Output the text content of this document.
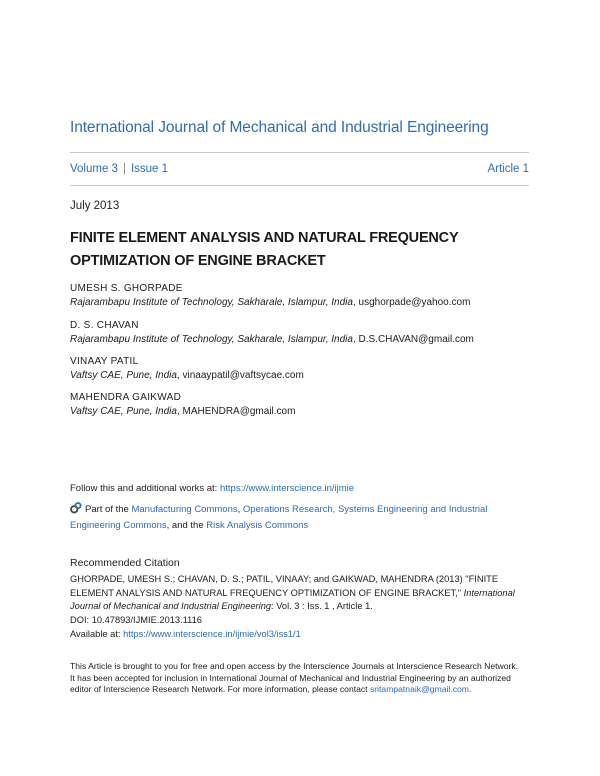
International Journal of Mechanical and Industrial Engineering
Volume 3 | Issue 1	Article 1
July 2013
FINITE ELEMENT ANALYSIS AND NATURAL FREQUENCY OPTIMIZATION OF ENGINE BRACKET
UMESH S. GHORPADE
Rajarambapu Institute of Technology, Sakharale, Islampur, India, usghorpade@yahoo.com
D. S. CHAVAN
Rajarambapu Institute of Technology, Sakharale, Islampur, India, D.S.CHAVAN@gmail.com
VINAAY PATIL
Vaftsy CAE, Pune, India, vinaaypatil@vaftsycae.com
MAHENDRA GAIKWAD
Vaftsy CAE, Pune, India, MAHENDRA@gmail.com
Follow this and additional works at: https://www.interscience.in/ijmie
Part of the Manufacturing Commons, Operations Research, Systems Engineering and Industrial Engineering Commons, and the Risk Analysis Commons
Recommended Citation
GHORPADE, UMESH S.; CHAVAN, D. S.; PATIL, VINAAY; and GAIKWAD, MAHENDRA (2013) "FINITE ELEMENT ANALYSIS AND NATURAL FREQUENCY OPTIMIZATION OF ENGINE BRACKET," International Journal of Mechanical and Industrial Engineering: Vol. 3 : Iss. 1 , Article 1.
DOI: 10.47893/IJMIE.2013.1116
Available at: https://www.interscience.in/ijmie/vol3/iss1/1
This Article is brought to you for free and open access by the Interscience Journals at Interscience Research Network. It has been accepted for inclusion in International Journal of Mechanical and Industrial Engineering by an authorized editor of Interscience Research Network. For more information, please contact sritampatnaik@gmail.com.
